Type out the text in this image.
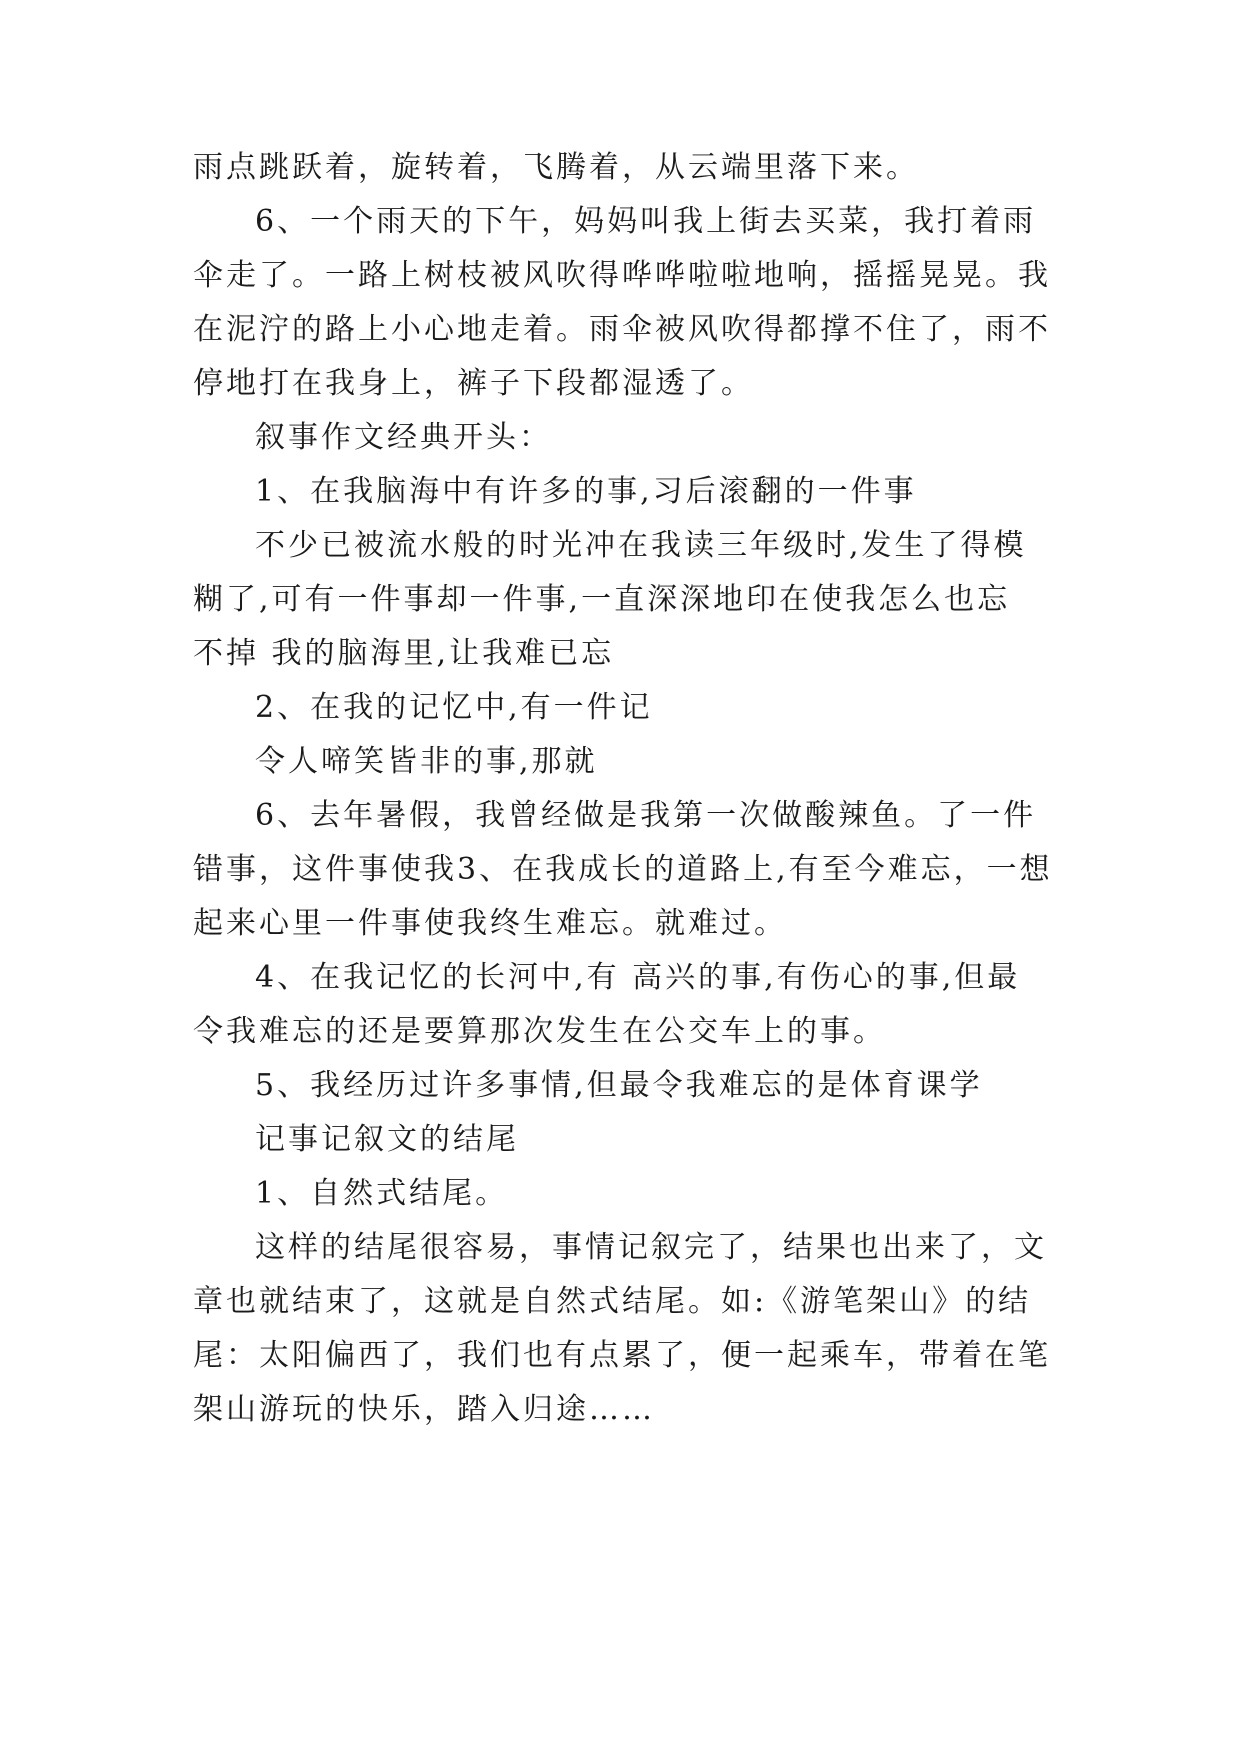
雨点跳跃着，旋转着，飞腾着，从云端里落下来。
6、一个雨天的下午，妈妈叫我上街去买菜，我打着雨
伞走了。一路上树枝被风吹得哗哗啦啦地响，摇摇晃晃。我
在泥泞的路上小心地走着。雨伞被风吹得都撑不住了，雨不
停地打在我身上，裤子下段都湿透了。
叙事作文经典开头：
1、在我脑海中有许多的事,习后滚翻的一件事
不少已被流水般的时光冲在我读三年级时,发生了得模
糊了,可有一件事却一件事,一直深深地印在使我怎么也忘
不掉 我的脑海里,让我难已忘
2、在我的记忆中,有一件记
令人啼笑皆非的事,那就
6、去年暑假，我曾经做是我第一次做酸辣鱼。了一件
错事，这件事使我3、在我成长的道路上,有至今难忘，一想
起来心里一件事使我终生难忘。就难过。
4、在我记忆的长河中,有 高兴的事,有伤心的事,但最
令我难忘的还是要算那次发生在公交车上的事。
5、我经历过许多事情,但最令我难忘的是体育课学
记事记叙文的结尾
1、自然式结尾。
这样的结尾很容易，事情记叙完了，结果也出来了，文
章也就结束了，这就是自然式结尾。如:《游笔架山》的结
尾：太阳偏西了，我们也有点累了，便一起乘车，带着在笔
架山游玩的快乐，踏入归途……
